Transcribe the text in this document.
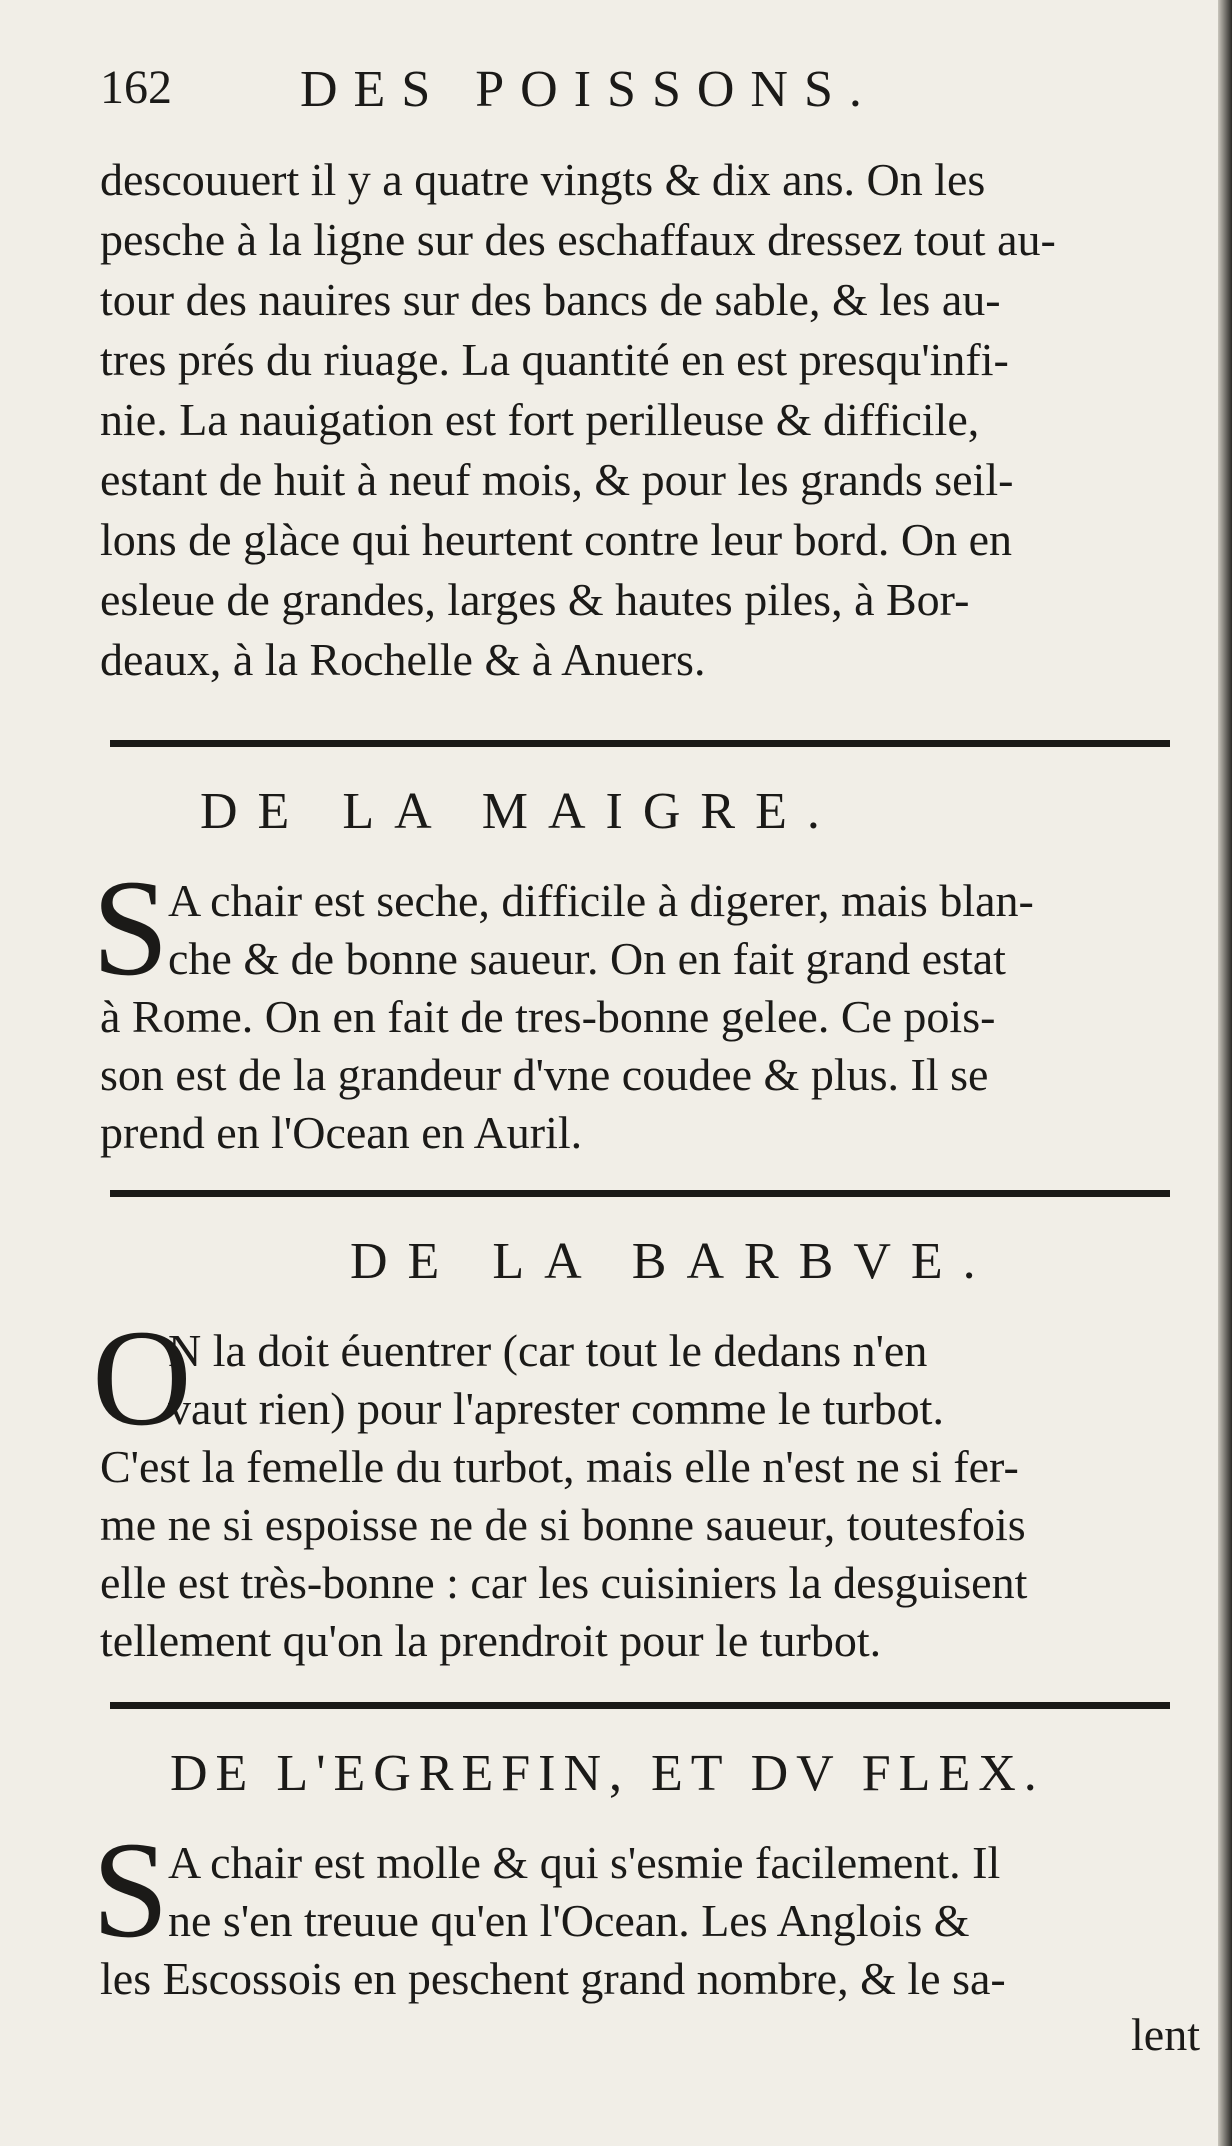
162 DES POISSONS.
descouuert il y a quatre vingts & dix ans. On les
pesche à la ligne sur des eschaffaux dressez tout au-
tour des nauires sur des bancs de sable, & les au-
tres prés du riuage. La quantité en est presqu'infi-
nie. La nauigation est fort perilleuse & difficile,
estant de huit à neuf mois, & pour les grands seil-
lons de glàce qui heurtent contre leur bord. On en
esleue de grandes, larges & hautes piles, à Bor-
deaux, à la Rochelle & à Anuers.
DE LA MAIGRE.
S A chair est seche, difficile à digerer, mais blan-
che & de bonne saueur. On en fait grand estat
à Rome. On en fait de tres-bonne gelee. Ce pois-
son est de la grandeur d'vne coudee & plus. Il se
prend en l'Ocean en Auril.
DE LA BARBVE.
O
N la doit éuentrer (car tout le dedans n'en
vaut rien) pour l'aprester comme le turbot.
C'est la femelle du turbot, mais elle n'est ne si fer-
me ne si espoisse ne de si bonne saueur, toutesfois
elle est très-bonne : car les cuisiniers la desguisent
tellement qu'on la prendroit pour le turbot.
DE L'EGREFIN, ET DV FLEX.
S A chair est molle & qui s'esmie facilement. Il
ne s'en treuue qu'en l'Ocean. Les Anglois &
les Escossois en peschent grand nombre, & le sa-
lent
